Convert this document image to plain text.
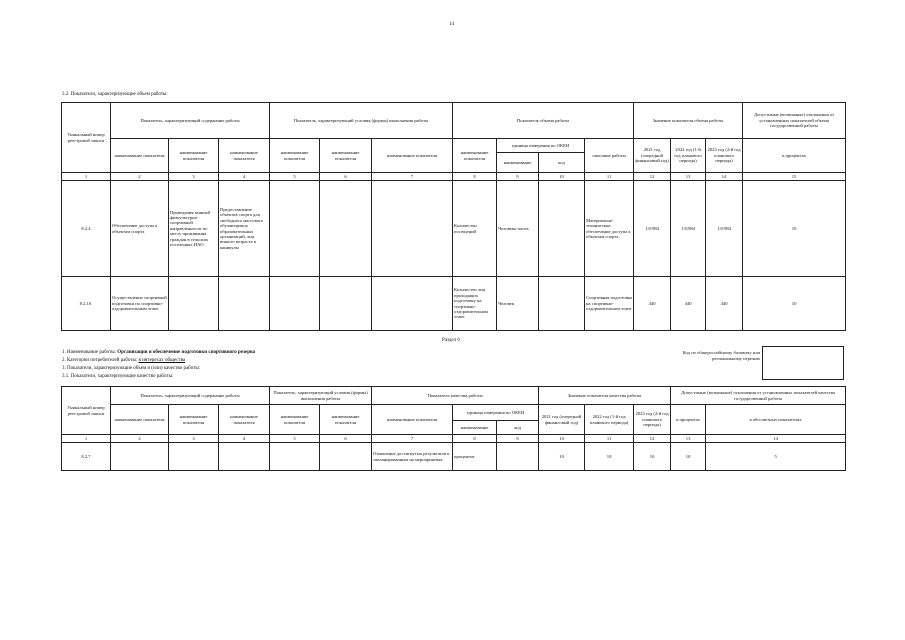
14
3.2. Показатели, характеризующие объем работы:
Уникальный номер реестровой записи	Показатель, характеризующий содержание работы			Показатель, характеризующий условия (формы) выполнения работы			Показатель объема работы				Значение показателя объема работы			Допустимые (возможные) отклонения от установленных показателей объема государственной работы
	наименование показателя	наименование показателя	наименование показателя	наименование показателя	наименование показателя	наименование показателя	наименование показателя	единица измерения по ОКЕИ		описание работы	2021 год (очередной финансовый год)	2022 год (1-й год планового периода)	2023 год (2-й год планового периода)	в процентах
								наименование	код					
1	2	3	4	5	6	7	8	9	10	11	12	13	14	15
8.2.4	Обеспечение доступа к объектам спорта	Проведения занятий физкультурно-спортивной направленности по месту проживания граждан в сельских поселениях НАО	Предоставление объектов спорта для свободного массового обучающимся образовательных организаций, лиц всякого возраста в каникулы				Количество посещений	Человеко-часов		Материально-технические обеспечение доступа к объектам спорта	131984	131984	131984	10
8.2.10.	Осуществление спортивной подготовки по спортивно-оздоровительным этапе						Количество лиц проходящих подготовку на спортивно-оздоровительном этапе	Человек		Спортивная подготовка на спортивно-оздоровительном этапе	440	440	440	10
Раздел 6
1. Наименование работы: Организация и обеспечение подготовки спортивного резерва
2. Категории потребителей работы: в интересах общества
3. Показатели, характеризующие объем и (или) качество работы:
3.1. Показатели, характеризующие качество работы:
Код по общероссийскому базовому или региональному перечню
Уникальный номер реестровой записи	Показатель, характеризующий содержание работы			Показатель, характеризующий условия (формы) выполнения работы		Показатель качества работы			Значение показателя качества работы			Допустимые (возможные) отклонения от установленных показателей качества государственной работы	
	наименование показателя	наименование показателя	наименование показателя	наименование показателя	наименование показателя	наименование показателя	единица измерения по ОКЕИ		2021 год (очередной финансовый год)	2022 год (1-й год планового периода)	2023 год (2-й год планового периода)	в процентах	в абсолютных показателях
							наименование	код					
1	2	3	4	5	6	7	8	9	10	11	12	13	14
8.2.7						Отношение достигнутых результатов к запланированным на мероприятиях	процентов		10	10	10	10	5
